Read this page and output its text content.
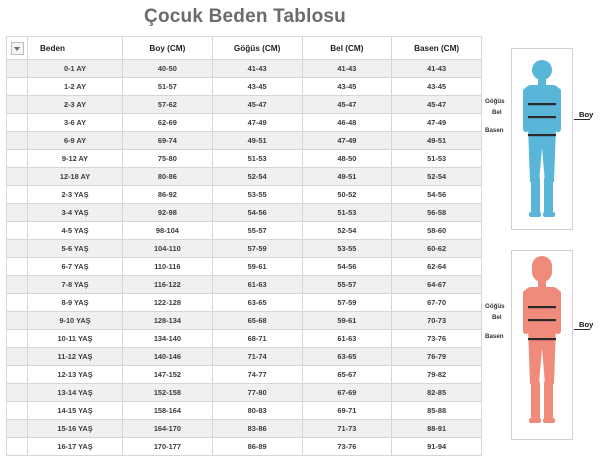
Çocuk Beden Tablosu
	Beden	Boy (CM)	Göğüs (CM)	Bel (CM)	Basen (CM)
	0-1 AY	40-50	41-43	41-43	41-43
	1-2 AY	51-57	43-45	43-45	43-45
	2-3 AY	57-62	45-47	45-47	45-47
	3-6 AY	62-69	47-49	46-48	47-49
	6-9 AY	69-74	49-51	47-49	49-51
	9-12 AY	75-80	51-53	48-50	51-53
	12-18 AY	80-86	52-54	49-51	52-54
	2-3 YAŞ	86-92	53-55	50-52	54-56
	3-4 YAŞ	92-98	54-56	51-53	56-58
	4-5 YAŞ	98-104	55-57	52-54	58-60
	5-6 YAŞ	104-110	57-59	53-55	60-62
	6-7 YAŞ	110-116	59-61	54-56	62-64
	7-8 YAŞ	116-122	61-63	55-57	64-67
	8-9 YAŞ	122-128	63-65	57-59	67-70
	9-10 YAŞ	128-134	65-68	59-61	70-73
	10-11 YAŞ	134-140	68-71	61-63	73-76
	11-12 YAŞ	140-146	71-74	63-65	76-79
	12-13 YAŞ	147-152	74-77	65-67	79-82
	13-14 YAŞ	152-158	77-80	67-69	82-85
	14-15 YAŞ	158-164	80-83	69-71	85-88
	15-16 YAŞ	164-170	83-86	71-73	88-91
	16-17 YAŞ	170-177	86-89	73-76	91-94
Göğüs
Bel
Basen
Boy
Göğüs
Bel
Basen
Boy
